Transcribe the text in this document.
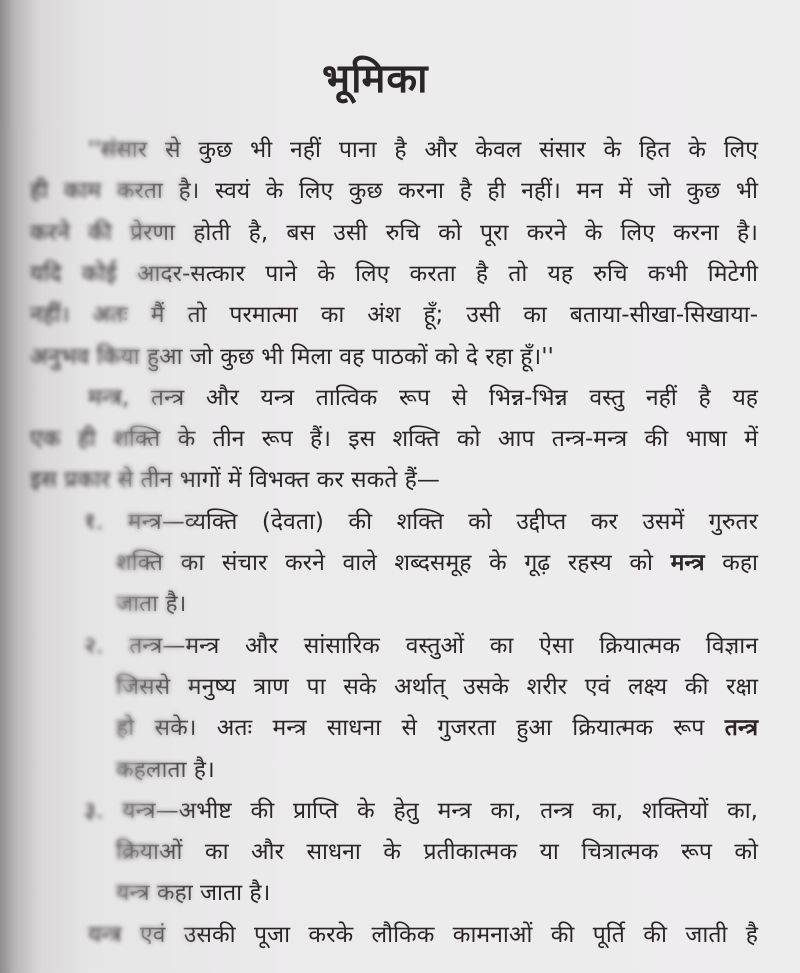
भूमिका
''संसार से कुछ भी नहीं पाना है और केवल संसार के हित के लिए
ही काम करता है। स्वयं के लिए कुछ करना है ही नहीं। मन में जो कुछ भी
करने की प्रेरणा होती है, बस उसी रुचि को पूरा करने के लिए करना है।
यदि कोई आदर-सत्कार पाने के लिए करता है तो यह रुचि कभी मिटेगी
नहीं। अतः मैं तो परमात्मा का अंश हूँ; उसी का बताया-सीखा-सिखाया-
अनुभव किया हुआ जो कुछ भी मिला वह पाठकों को दे रहा हूँ।''
मन्त्र, तन्त्र और यन्त्र तात्विक रूप से भिन्न-भिन्न वस्तु नहीं है यह
एक ही शक्ति के तीन रूप हैं। इस शक्ति को आप तन्त्र-मन्त्र की भाषा में
इस प्रकार से तीन भागों में विभक्त कर सकते हैं—
१. मन्त्र—व्यक्ति (देवता) की शक्ति को उद्दीप्त कर उसमें गुरुतर
शक्ति का संचार करने वाले शब्दसमूह के गूढ़ रहस्य को मन्त्र कहा
जाता है।
२. तन्त्र—मन्त्र और सांसारिक वस्तुओं का ऐसा क्रियात्मक विज्ञान
जिससे मनुष्य त्राण पा सके अर्थात् उसके शरीर एवं लक्ष्य की रक्षा
हो सके। अतः मन्त्र साधना से गुजरता हुआ क्रियात्मक रूप तन्त्र
कहलाता है।
३. यन्त्र—अभीष्ट की प्राप्ति के हेतु मन्त्र का, तन्त्र का, शक्तियों का,
क्रियाओं का और साधना के प्रतीकात्मक या चित्रात्मक रूप को
यन्त्र कहा जाता है।
यन्त्र एवं उसकी पूजा करके लौकिक कामनाओं की पूर्ति की जाती है
